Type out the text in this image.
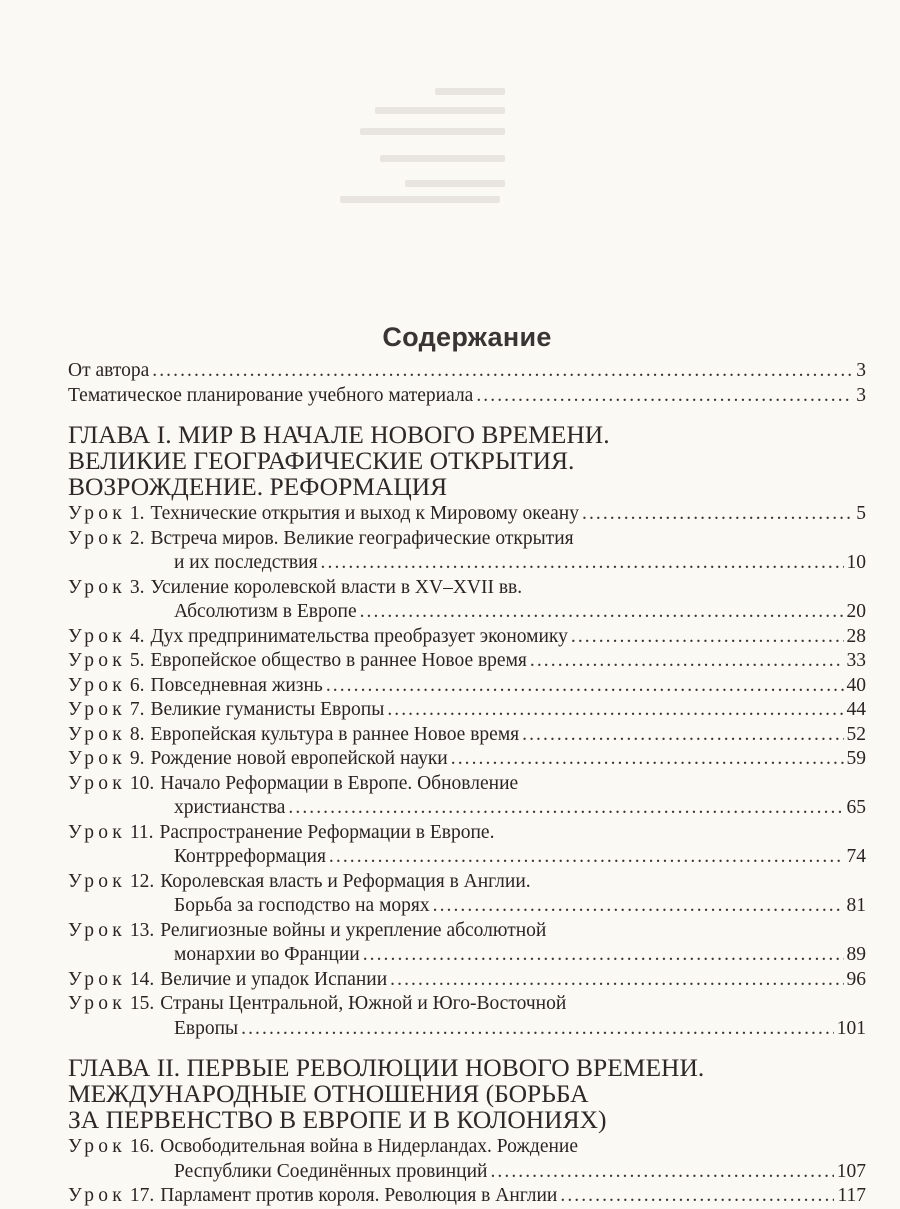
Содержание
От автора . . .	3
Тематическое планирование учебного материала . . .	3
ГЛАВА I. МИР В НАЧАЛЕ НОВОГО ВРЕМЕНИ.
ВЕЛИКИЕ ГЕОГРАФИЧЕСКИЕ ОТКРЫТИЯ.
ВОЗРОЖДЕНИЕ. РЕФОРМАЦИЯ
Урок 1. Технические открытия и выход к Мировому океану . . .	5
Урок 2. Встреча миров. Великие географические открытия
и их последствия . . .	10
Урок 3. Усиление королевской власти в XV–XVII вв.
Абсолютизм в Европе . . .	20
Урок 4. Дух предпринимательства преобразует экономику . . .	28
Урок 5. Европейское общество в раннее Новое время . . .	33
Урок 6. Повседневная жизнь . . .	40
Урок 7. Великие гуманисты Европы . . .	44
Урок 8. Европейская культура в раннее Новое время . . .	52
Урок 9. Рождение новой европейской науки . . .	59
Урок 10. Начало Реформации в Европе. Обновление
христианства . . .	65
Урок 11. Распространение Реформации в Европе.
Контрреформация . . .	74
Урок 12. Королевская власть и Реформация в Англии.
Борьба за господство на морях . . .	81
Урок 13. Религиозные войны и укрепление абсолютной
монархии во Франции . . .	89
Урок 14. Величие и упадок Испании . . .	96
Урок 15. Страны Центральной, Южной и Юго-Восточной
Европы . . .	101
ГЛАВА II. ПЕРВЫЕ РЕВОЛЮЦИИ НОВОГО ВРЕМЕНИ.
МЕЖДУНАРОДНЫЕ ОТНОШЕНИЯ (БОРЬБА
ЗА ПЕРВЕНСТВО В ЕВРОПЕ И В КОЛОНИЯХ)
Урок 16. Освободительная война в Нидерландах. Рождение
Республики Соединённых провинций . . .	107
Урок 17. Парламент против короля. Революция в Англии . . .	117
